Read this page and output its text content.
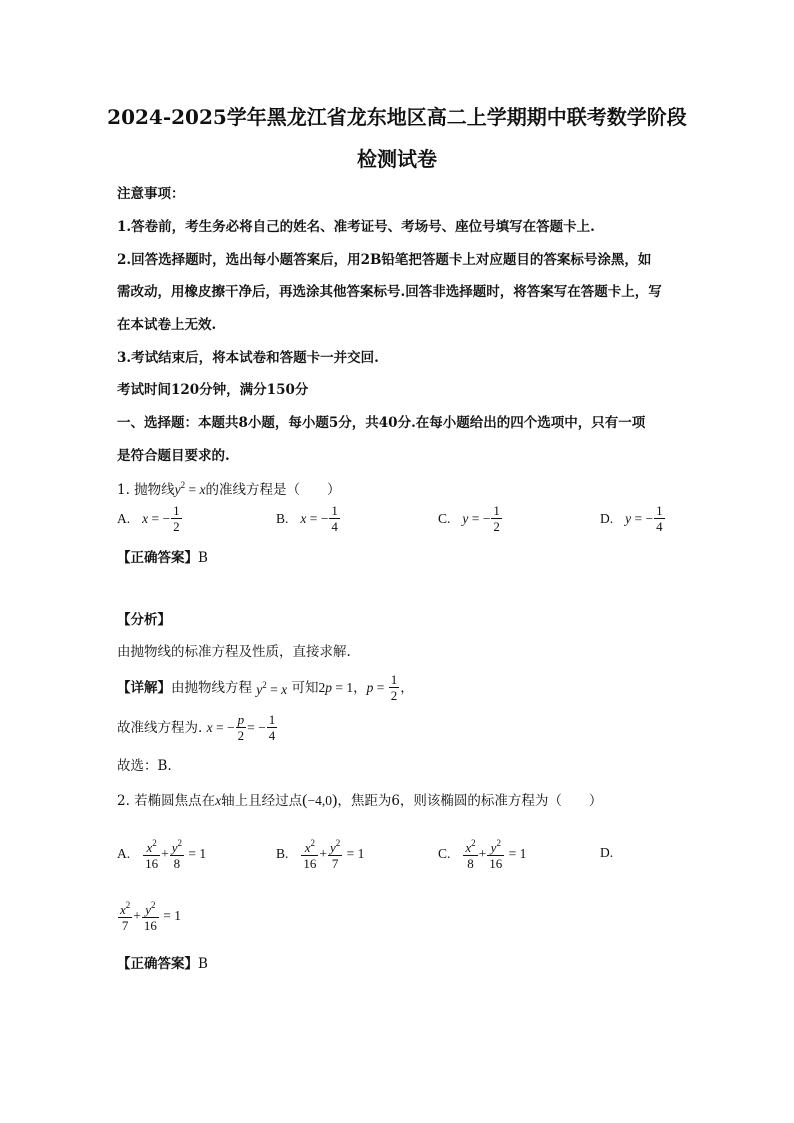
2024-2025学年黑龙江省龙东地区高二上学期期中联考数学阶段
检测试卷
注意事项：
1.答卷前，考生务必将自己的姓名、准考证号、考场号、座位号填写在答题卡上.
2.回答选择题时，选出每小题答案后，用2B铅笔把答题卡上对应题目的答案标号涂黑，如
需改动，用橡皮擦干净后，再选涂其他答案标号.回答非选择题时，将答案写在答题卡上，写
在本试卷上无效.
3.考试结束后，将本试卷和答题卡一并交回.
考试时间120分钟，满分150分
一、选择题：本题共8小题，每小题5分，共40分.在每小题给出的四个选项中，只有一项
是符合题目要求的.
1. 抛物线$y^2 = x$的准线方程是（　　）
A. x
= − $\frac{1}{2}$	B. x
= − $\frac{1}{4}$	C. y
= − $\frac{1}{2}$	D. y
= − $\frac{1}{4}$
【正确答案】B
【分析】
由抛物线的标准方程及性质，直接求解.
【详解】 由抛物线方程
$y^2 = x$
可知 2 p = 1 ， $p = \frac{1}{2}$ ，
故准线方程为.
x = − $\frac{p}{2}$ = − $\frac{1}{4}$
故选：B.
2. 若椭圆焦点在 x 轴上且经过点 ( −4,0 ) ，焦距为6，则该椭圆的标准方程为（　　）
A. $\frac{x^2}{16} + \frac{y^2}{8} = 1$	B. $\frac{x^2}{16} + \frac{y^2}{7} = 1$	C. $\frac{x^2}{8} + \frac{y^2}{16} = 1$	D.
$\frac{x^2}{7} + \frac{y^2}{16} = 1$
【正确答案】B
